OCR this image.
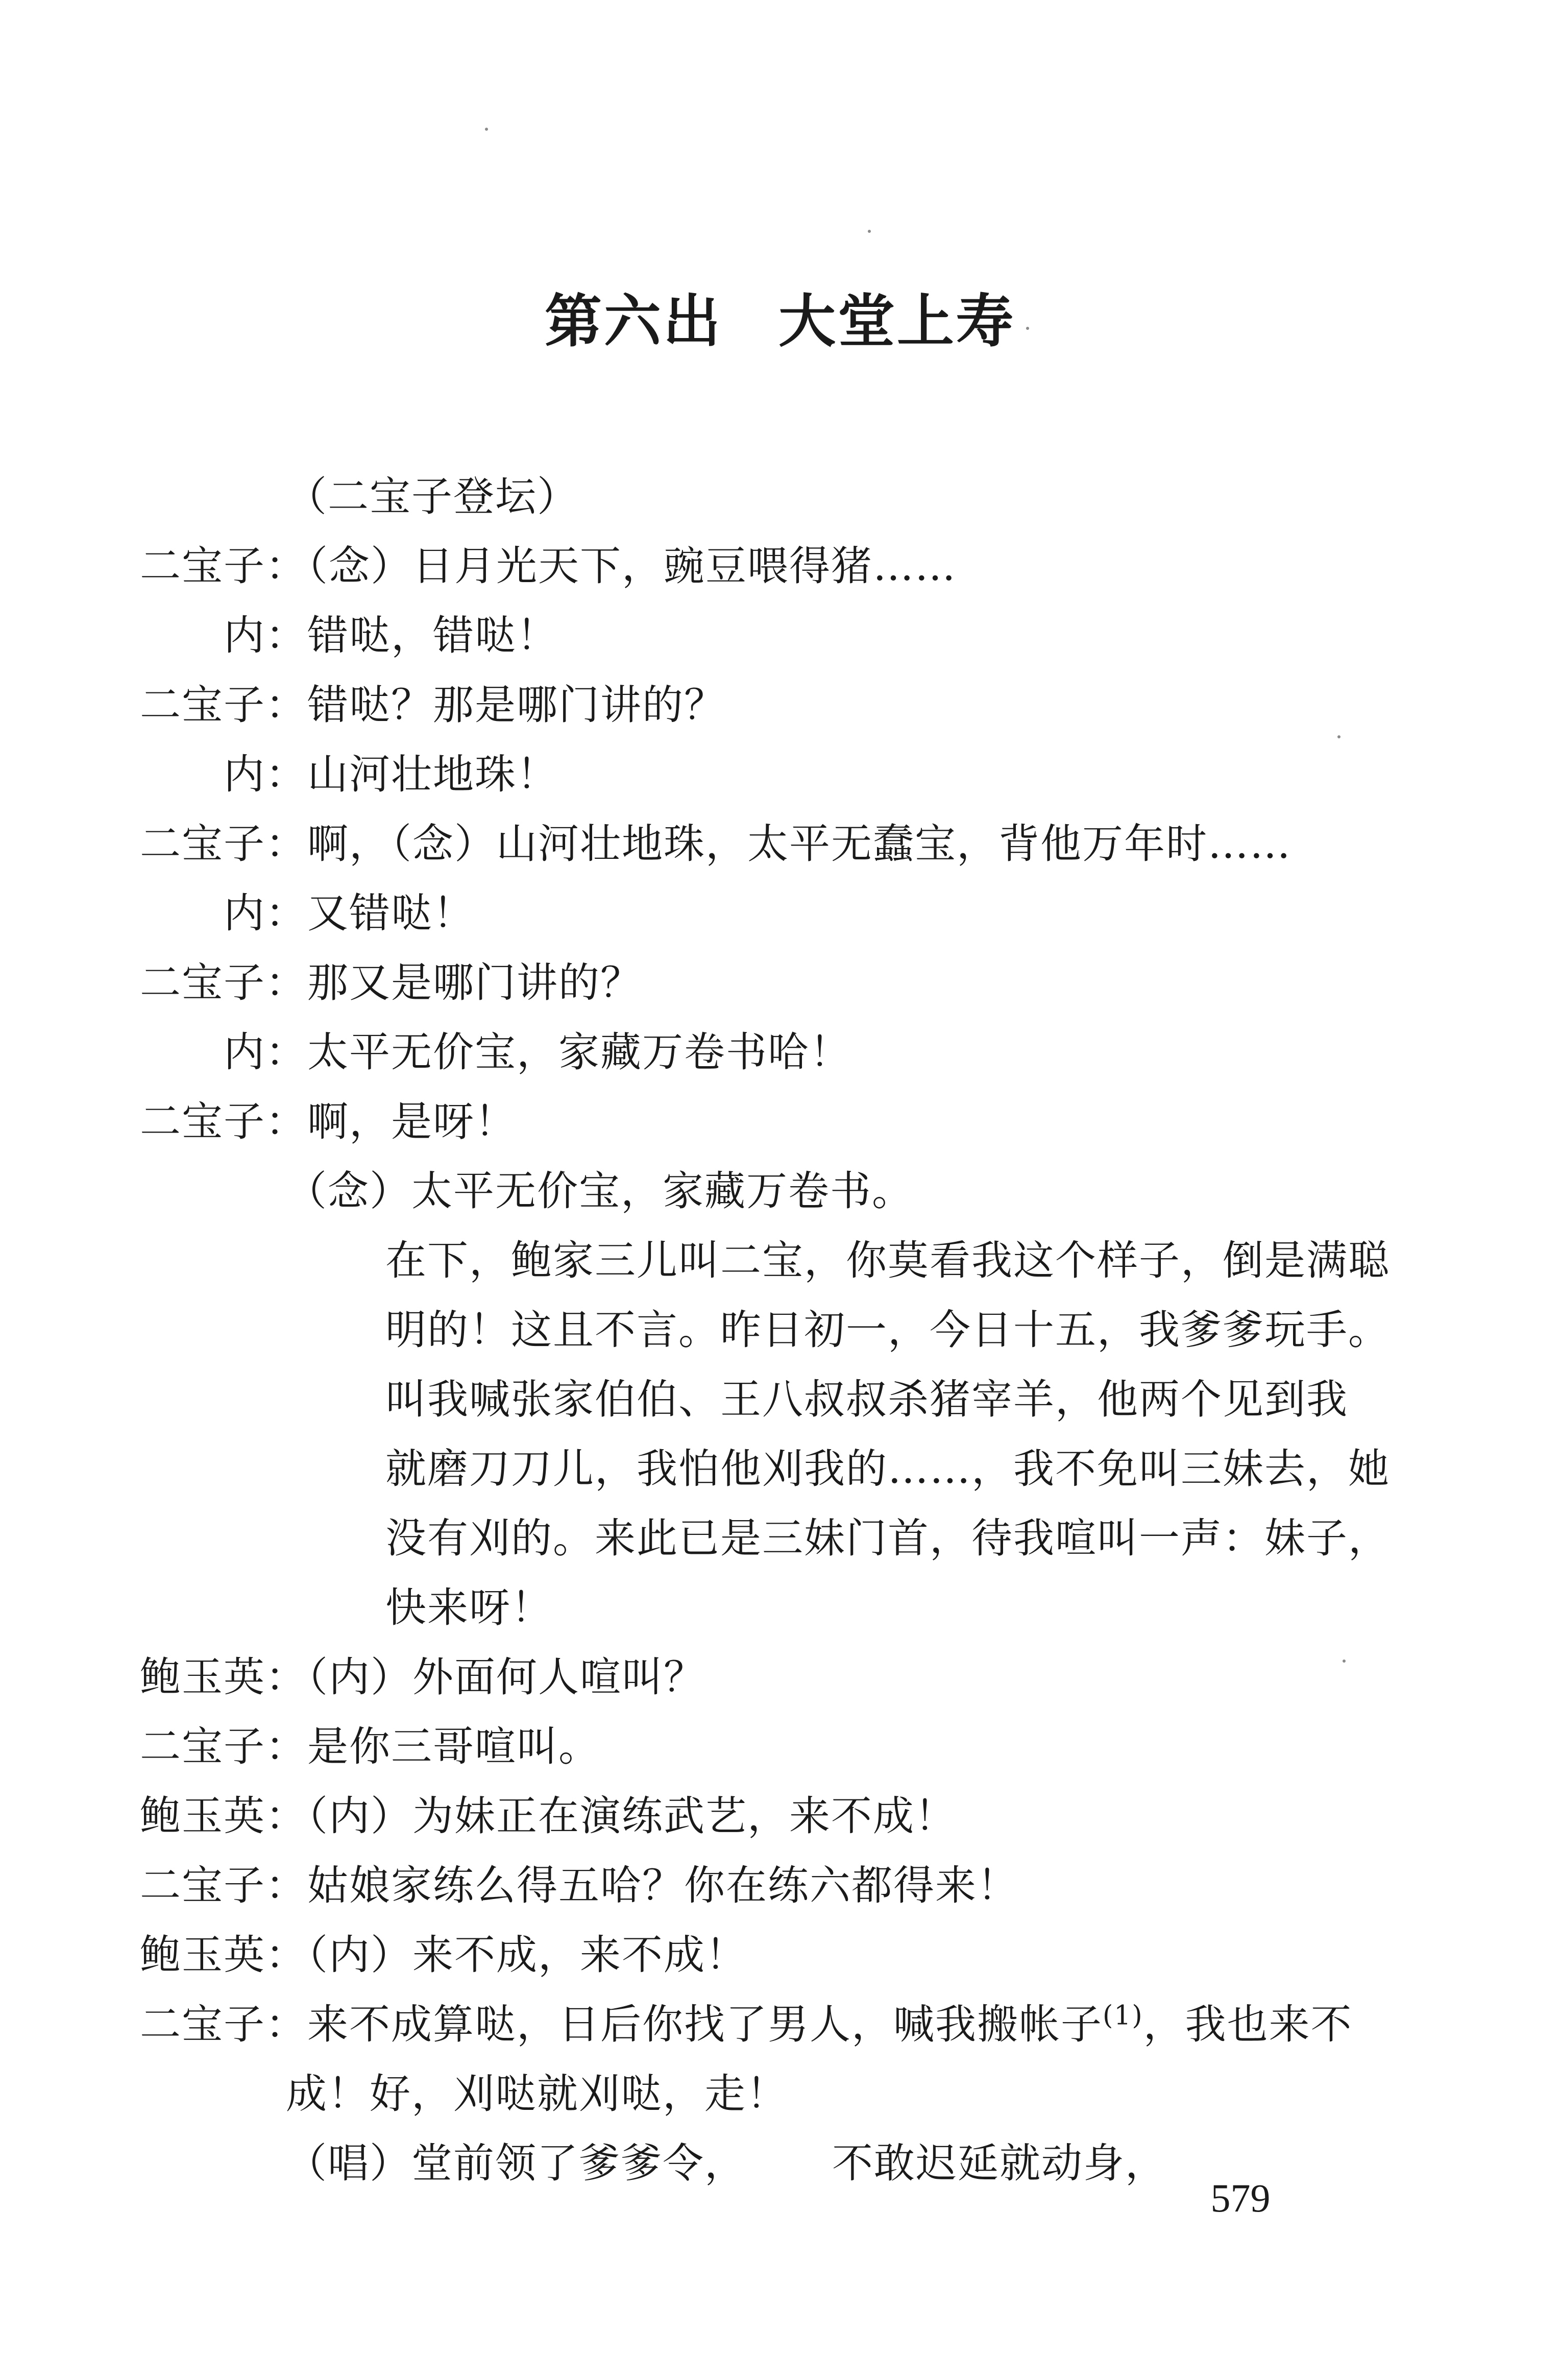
第六出 大堂上寿
（二宝子登坛）
二宝子 ：（念）日月光天下，豌豆喂得猪……
内 ：错哒，错哒！
二宝子 ：错哒？那是哪门讲的？
内 ：山河壮地珠！
二宝子 ：啊，（念）山河壮地珠，太平无蠢宝，背他万年时……
内 ：又错哒！
二宝子 ：那又是哪门讲的？
内 ：太平无价宝，家藏万卷书哈！
二宝子 ：啊，是呀！
（念）太平无价宝，家藏万卷书。
在下，鲍家三儿叫二宝，你莫看我这个样子，倒是满聪
明的！这且不言。昨日初一，今日十五，我爹爹玩手。
叫我喊张家伯伯、王八叔叔杀猪宰羊，他两个见到我
就磨刀刀儿，我怕他刈我的……，我不免叫三妹去，她
没有刈的。来此已是三妹门首，待我喧叫一声：妹子，
快来呀！
鲍玉英 ：（内）外面何人喧叫？
二宝子 ：是你三哥喧叫。
鲍玉英 ：（内）为妹正在演练武艺，来不成！
二宝子 ：姑娘家练么得五哈？你在练六都得来！
鲍玉英 ：（内）来不成，来不成！
二宝子 ：来不成算哒，日后你找了男人，喊我搬帐子$^{(1)}$，我也来不
成！好，刈哒就刈哒，走！
（唱）堂前领了爹爹令， 不敢迟延就动身，
579
